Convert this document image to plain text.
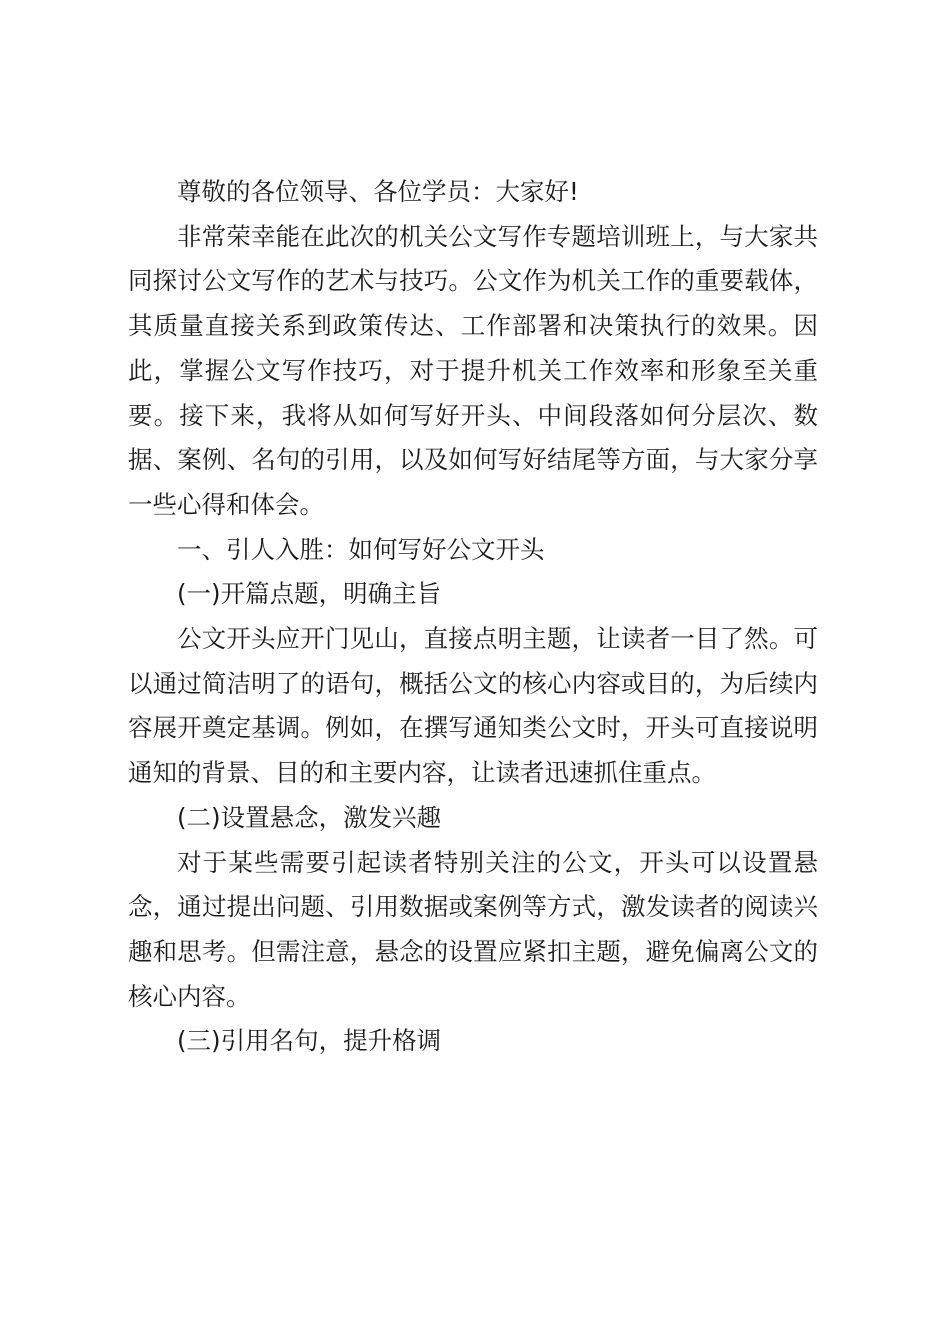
尊敬的各位领导、各位学员：大家好!

非常荣幸能在此次的机关公文写作专题培训班上，与大家共同探讨公文写作的艺术与技巧。公文作为机关工作的重要载体，其质量直接关系到政策传达、工作部署和决策执行的效果。因此，掌握公文写作技巧，对于提升机关工作效率和形象至关重要。接下来，我将从如何写好开头、中间段落如何分层次、数据、案例、名句的引用，以及如何写好结尾等方面，与大家分享一些心得和体会。

一、引人入胜：如何写好公文开头

(一)开篇点题，明确主旨

公文开头应开门见山，直接点明主题，让读者一目了然。可以通过简洁明了的语句，概括公文的核心内容或目的，为后续内容展开奠定基调。例如，在撰写通知类公文时，开头可直接说明通知的背景、目的和主要内容，让读者迅速抓住重点。

(二)设置悬念，激发兴趣

对于某些需要引起读者特别关注的公文，开头可以设置悬念，通过提出问题、引用数据或案例等方式，激发读者的阅读兴趣和思考。但需注意，悬念的设置应紧扣主题，避免偏离公文的核心内容。

(三)引用名句，提升格调
